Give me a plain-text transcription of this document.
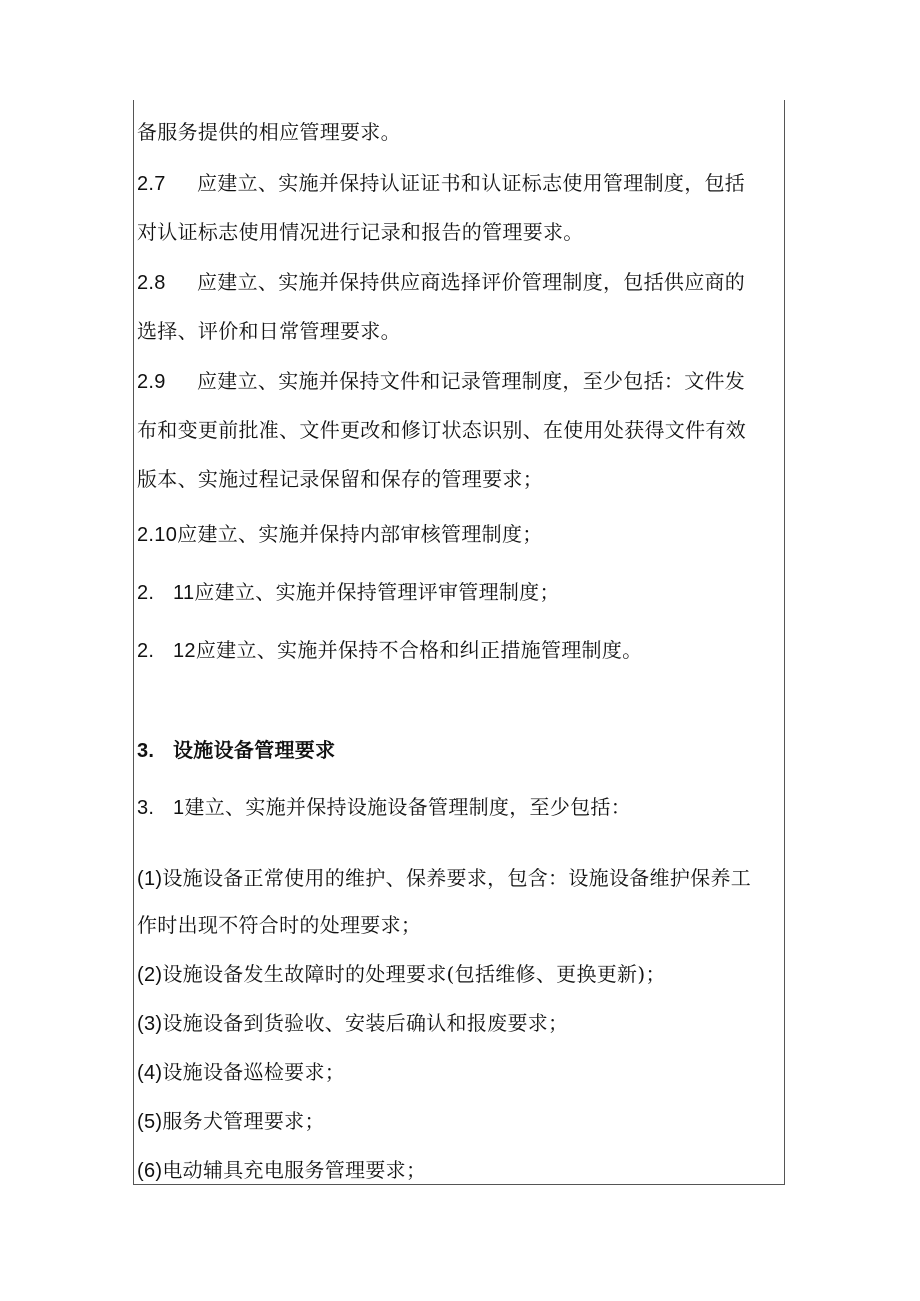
备服务提供的相应管理要求。
2.7 应建立、实施并保持认证证书和认证标志使用管理制度，包括
对认证标志使用情况进行记录和报告的管理要求。
2.8 应建立、实施并保持供应商选择评价管理制度，包括供应商的
选择、评价和日常管理要求。
2.9 应建立、实施并保持文件和记录管理制度，至少包括：文件发
布和变更前批准、文件更改和修订状态识别、在使用处获得文件有效
版本、实施过程记录保留和保存的管理要求；
2.10应建立、实施并保持内部审核管理制度；
2. 11应建立、实施并保持管理评审管理制度；
2. 12应建立、实施并保持不合格和纠正措施管理制度。
3. 设施设备管理要求
3. 1建立、实施并保持设施设备管理制度，至少包括：
(1)设施设备正常使用的维护、保养要求，包含：设施设备维护保养工
作时出现不符合时的处理要求；
(2)设施设备发生故障时的处理要求(包括维修、更换更新)；
(3)设施设备到货验收、安装后确认和报废要求；
(4)设施设备巡检要求；
(5)服务犬管理要求；
(6)电动辅具充电服务管理要求；
